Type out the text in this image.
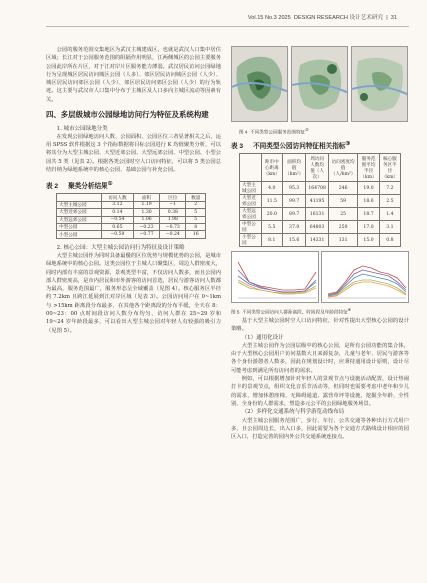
Vol.15 No.3 2025 DESIGN RESEARCH 设计艺术研究  |  31

公园的服务范围交集地区为武汉主城建成区，也就是武汉人口集中居住区域；长江对于公园服务范围的阻隔作用明显，江两侧城区的公园主要服务公园此岸所在片区，对于江对岸片区服务能力薄弱。武汉居民访问公园绿地行为呈现城区居民访问城区公园（人多）、郊区居民访问城区公园（人少）、城区居民访问郊区公园（人少）、郊区居民访问郊区公园（人少）的行为轨迹。这主要与武汉市人口集中分布于主城区及人口多向主城区流动等因素有关。

四、多层级城市公园绿地访问行为特征及系统构建
1. 城市公园绿地分类

在发现公园绿地访问人数、公园面积、公园区位三者显著相关之后，运用 SPSS 软件根据这 3 个指标数据将目标公园进行 K 均值聚类分析，可以将其分为大型主城公园、大型近郊公园、大型远郊公园、中型公园、小型公园共 5 类（见表 2）。根据各类公园时空人口访问特征，可以将 5 类公园总结归纳为绿地系统中的核心公园、基础公园与补充公园。

表 2 聚类分析结果①
	访问人数	面积	区位	数量
大型主城公园	3.12	1.19	−1	2
大型近郊公园	0.14	1.30	0.38	5
大型远郊公园	−0.54	1.06	1.98	5
中型公园	0.65	−0.23	−0.73	8
小型公园	−0.59	−0.77	−0.24	16
2. 核心公园：大型主城公园访问行为特征及设计策略

大型主城公园作为同时具备最優的区位优势与规模优势的公园，是城市绿地系统中的核心公园。这类公园位于主城人口聚集区，周边人群密度大，同时内部有丰富的景观资源，景观类型丰富，不仅访问人数多，而且公园内部人群密度高，是市内居民和市外游客的访问首选，居民与游客访问人数都为最高，服务范围最广，服务形态呈全域覆盖（见图 4）。核心服务区半径约 7.2km 且跨江延展到江对岸区域（见表 3）。公园访问用户在 0~1km 与 >15km 距离段分布最多，在其他各个距离段的分布平缓，全天在 8：00~23：00 点时间段访问人数分布均匀，访问人群在 25~29 岁和 19~24 岁年龄段最多，可以看出大型主城公园对年轻人有较强的吸引力（见图 5）。

图 4 不同类型公园服务范围特征②
表 3 不同类型公园访问特征相关指标③
	距市中心距离（km）	面积均值（hm²）	周访问人数均值（人次）	访问密度均值（人/hm²）	服务范围平均半径（km）	核心服务区半径（km）
大型主城公园	4.0	95.3	164708	246	19.0	7.2
大型近郊公园	11.5	99.7	41195	59	18.6	2.5
大型远郊公园	20.0	89.7	16131	25	18.7	1.4
中型公园	5.5	37.0	64803	250	17.0	3.1
小型公园	8.1	15.6	14331	131	15.0	0.8
图 5 不同类型公园访问人群距离段、时间段及年龄段特征④

基于大型主城公园时空人口访问特征，针对性提出大型核心公园的设计策略。

（1）通用化设计

大型主城公园作为公园层级中的核心公园，是所有公园功能的集合体，由于大型核心公园用户访问基数大且来源复杂，儿童与老年、居民与游客等各个身份游憩者人数多，因此在规划设计时，应秉持通用设计原则，设计尽可能考虑到满足所有访问者的需求。

例如，可以根据增加针对年轻人的景观节点与设施活动配置，设计热闹打卡的景观节点，组织文化音乐节活动等，但同时也需要考虑中老年和少儿的需求，增加休憩座椅、无障碍通道、露营草坪等设施，挖掘全年龄、全性别、全身份的人群需求，塑造多元公平的公园绿地服务场景。

（2）多样化交通系统与科学游览动线布局

大型主城公园服务范围广，步行、车行、公共交通等各种出行方式用户多，且公园周边长，出入口多，因此需要为各个交通方式路线设计相应的园区入口，打造完善的园内外公共交通系统连接点。
